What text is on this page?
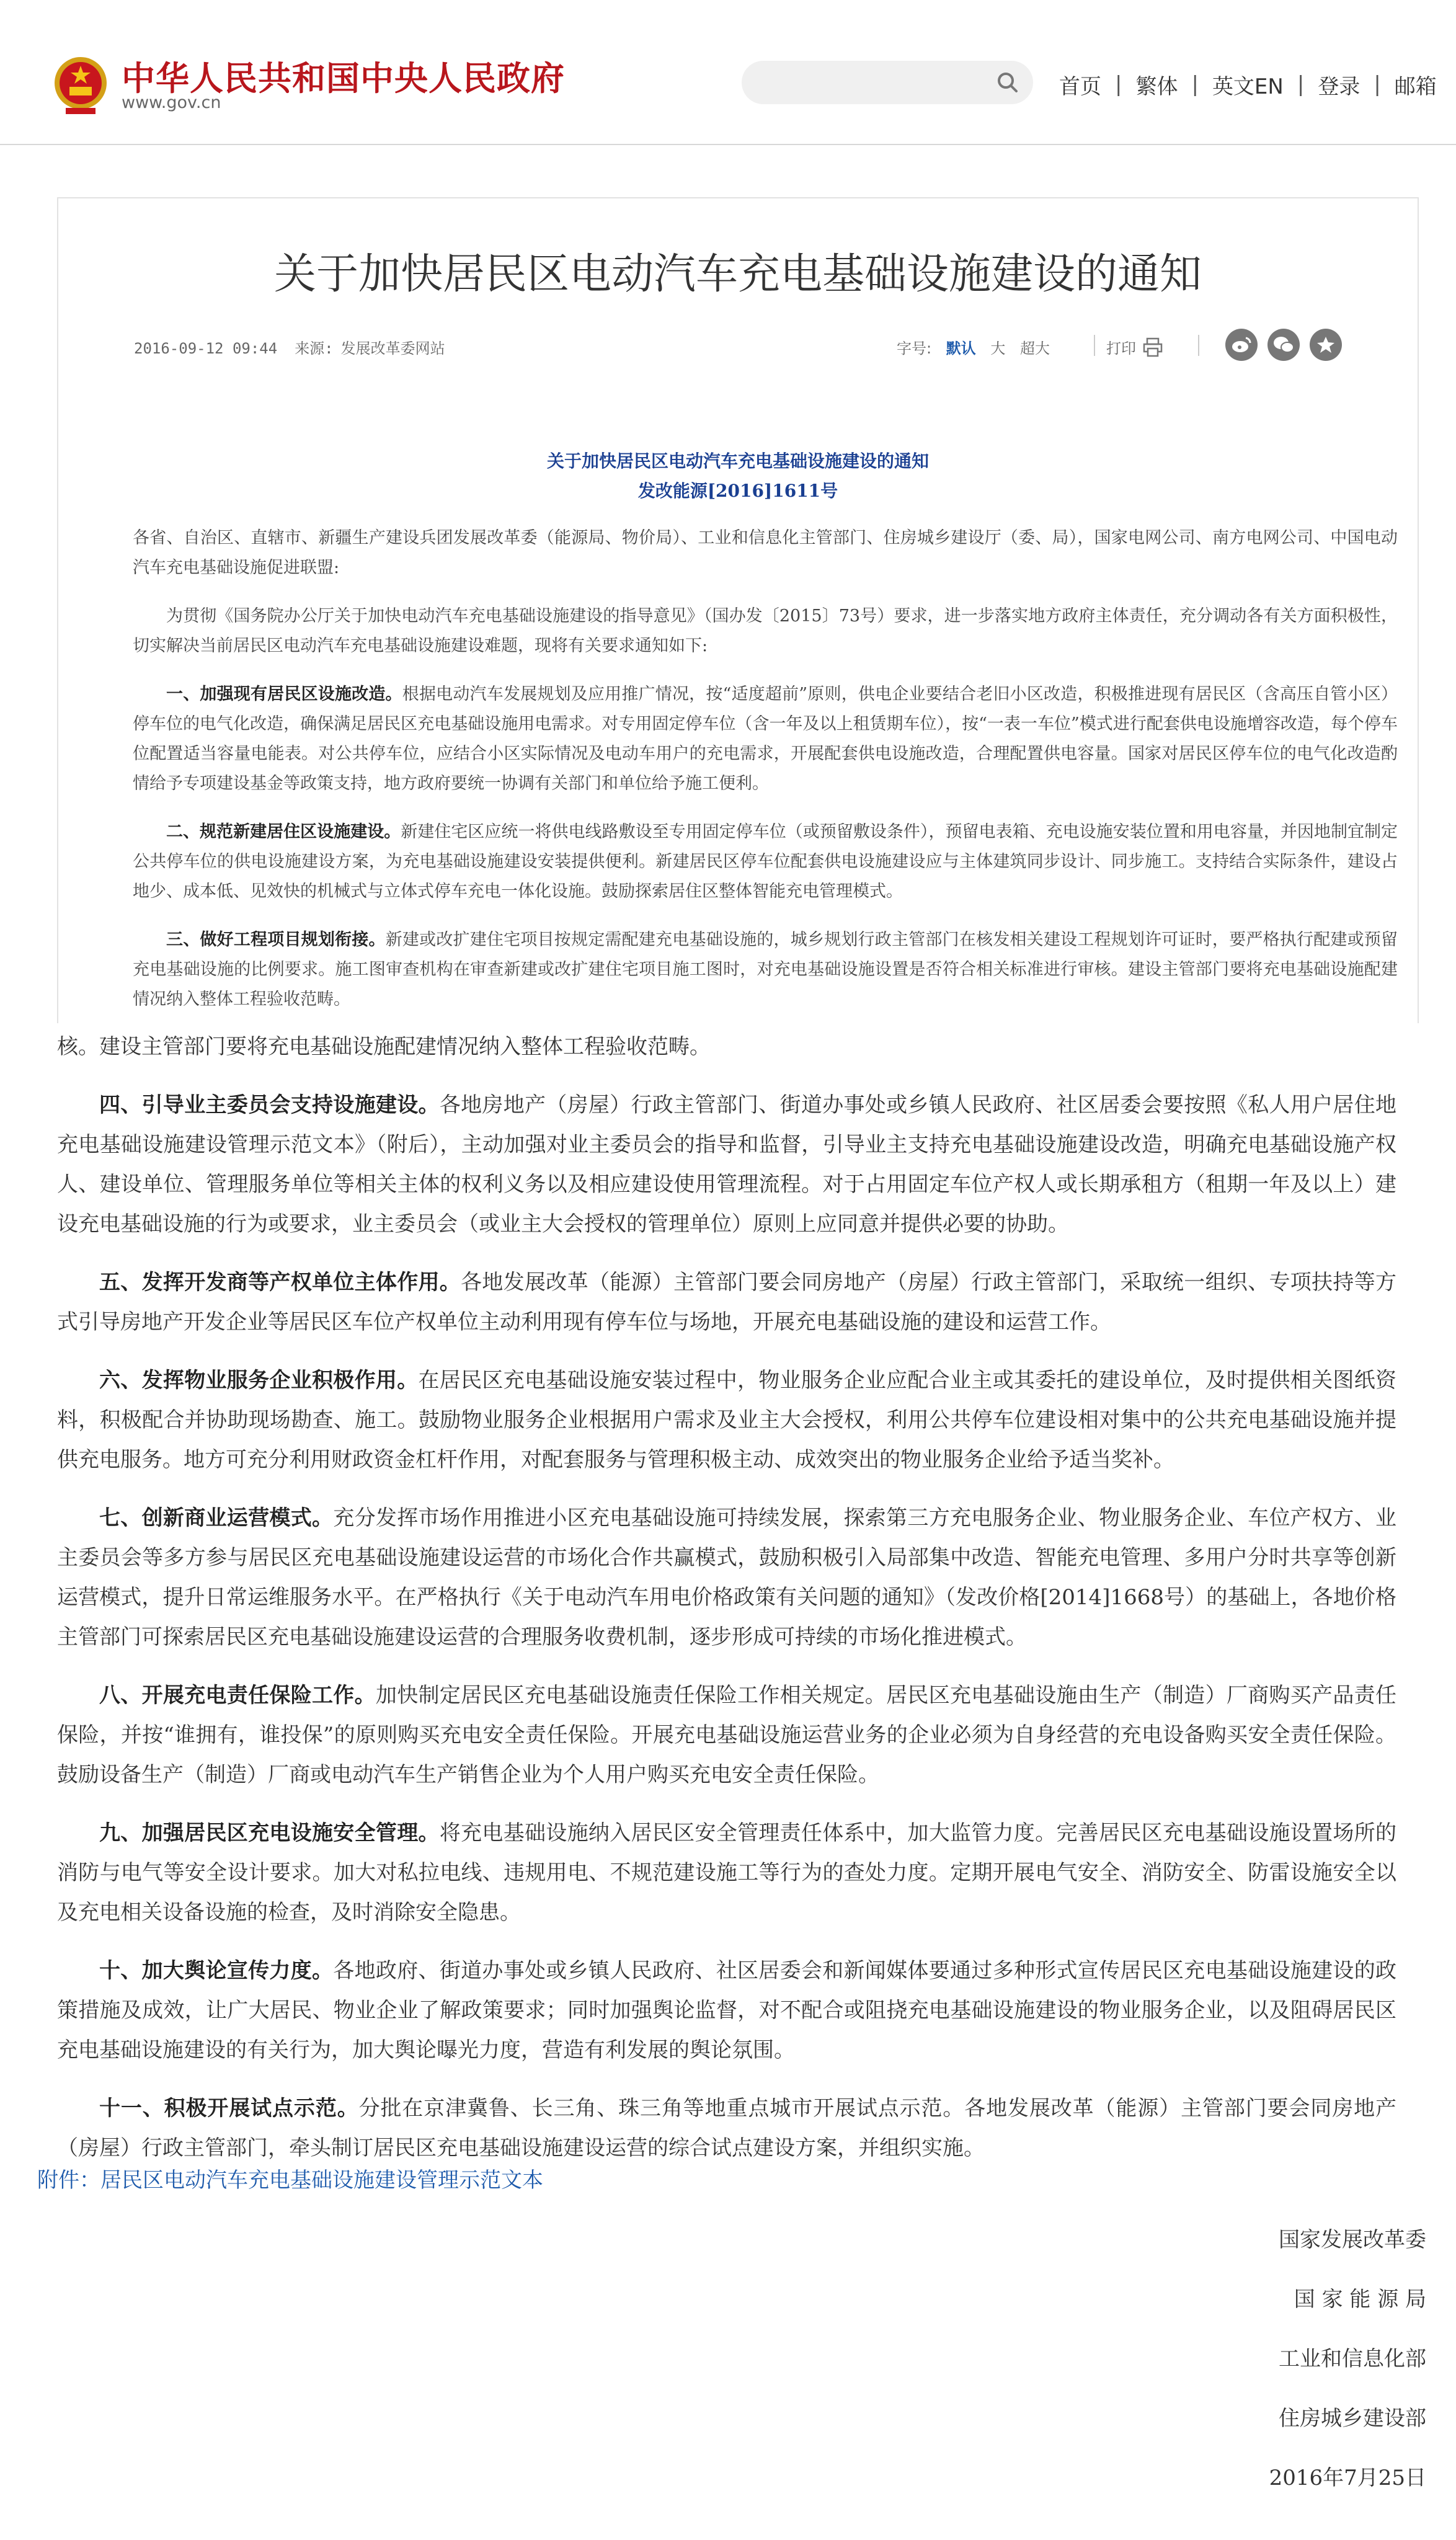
中华人民共和国中央人民政府
www.gov.cn
首页 | 繁体 | 英文EN | 登录 | 邮箱
关于加快居民区电动汽车充电基础设施建设的通知
2016-09-12 09:44 来源: 发展改革委网站	字号: 默认 大 超大	打印
关于加快居民区电动汽车充电基础设施建设的通知
发改能源[2016]1611号

各省、自治区、直辖市、新疆生产建设兵团发展改革委（能源局、物价局）、工业和信息化主管部门、住房城乡建设厅（委、局），国家电网公司、南方电网公司、中国电动汽车充电基础设施促进联盟:

为贯彻《国务院办公厅关于加快电动汽车充电基础设施建设的指导意见》（国办发〔2015〕73号）要求，进一步落实地方政府主体责任，充分调动各有关方面积极性，切实解决当前居民区电动汽车充电基础设施建设难题，现将有关要求通知如下:

一、加强现有居民区设施改造。根据电动汽车发展规划及应用推广情况，按“适度超前”原则，供电企业要结合老旧小区改造，积极推进现有居民区（含高压自管小区）停车位的电气化改造，确保满足居民区充电基础设施用电需求。对专用固定停车位（含一年及以上租赁期车位），按“一表一车位”模式进行配套供电设施增容改造，每个停车位配置适当容量电能表。对公共停车位，应结合小区实际情况及电动车用户的充电需求，开展配套供电设施改造，合理配置供电容量。国家对居民区停车位的电气化改造酌情给予专项建设基金等政策支持，地方政府要统一协调有关部门和单位给予施工便利。

二、规范新建居住区设施建设。新建住宅区应统一将供电线路敷设至专用固定停车位（或预留敷设条件），预留电表箱、充电设施安装位置和用电容量，并因地制宜制定公共停车位的供电设施建设方案，为充电基础设施建设安装提供便利。新建居民区停车位配套供电设施建设应与主体建筑同步设计、同步施工。支持结合实际条件，建设占地少、成本低、见效快的机械式与立体式停车充电一体化设施。鼓励探索居住区整体智能充电管理模式。

三、做好工程项目规划衔接。新建或改扩建住宅项目按规定需配建充电基础设施的，城乡规划行政主管部门在核发相关建设工程规划许可证时，要严格执行配建或预留充电基础设施的比例要求。施工图审查机构在审查新建或改扩建住宅项目施工图时，对充电基础设施设置是否符合相关标准进行审核。建设主管部门要将充电基础设施配建情况纳入整体工程验收范畴。

核。建设主管部门要将充电基础设施配建情况纳入整体工程验收范畴。

四、引导业主委员会支持设施建设。各地房地产（房屋）行政主管部门、街道办事处或乡镇人民政府、社区居委会要按照《私人用户居住地充电基础设施建设管理示范文本》（附后），主动加强对业主委员会的指导和监督，引导业主支持充电基础设施建设改造，明确充电基础设施产权人、建设单位、管理服务单位等相关主体的权利义务以及相应建设使用管理流程。对于占用固定车位产权人或长期承租方（租期一年及以上）建设充电基础设施的行为或要求，业主委员会（或业主大会授权的管理单位）原则上应同意并提供必要的协助。

五、发挥开发商等产权单位主体作用。各地发展改革（能源）主管部门要会同房地产（房屋）行政主管部门，采取统一组织、专项扶持等方式引导房地产开发企业等居民区车位产权单位主动利用现有停车位与场地，开展充电基础设施的建设和运营工作。

六、发挥物业服务企业积极作用。在居民区充电基础设施安装过程中，物业服务企业应配合业主或其委托的建设单位，及时提供相关图纸资料，积极配合并协助现场勘查、施工。鼓励物业服务企业根据用户需求及业主大会授权，利用公共停车位建设相对集中的公共充电基础设施并提供充电服务。地方可充分利用财政资金杠杆作用，对配套服务与管理积极主动、成效突出的物业服务企业给予适当奖补。

七、创新商业运营模式。充分发挥市场作用推进小区充电基础设施可持续发展，探索第三方充电服务企业、物业服务企业、车位产权方、业主委员会等多方参与居民区充电基础设施建设运营的市场化合作共赢模式，鼓励积极引入局部集中改造、智能充电管理、多用户分时共享等创新运营模式，提升日常运维服务水平。在严格执行《关于电动汽车用电价格政策有关问题的通知》（发改价格[2014]1668号）的基础上，各地价格主管部门可探索居民区充电基础设施建设运营的合理服务收费机制，逐步形成可持续的市场化推进模式。

八、开展充电责任保险工作。加快制定居民区充电基础设施责任保险工作相关规定。居民区充电基础设施由生产（制造）厂商购买产品责任保险，并按“谁拥有，谁投保”的原则购买充电安全责任保险。开展充电基础设施运营业务的企业必须为自身经营的充电设备购买安全责任保险。鼓励设备生产（制造）厂商或电动汽车生产销售企业为个人用户购买充电安全责任保险。

九、加强居民区充电设施安全管理。将充电基础设施纳入居民区安全管理责任体系中，加大监管力度。完善居民区充电基础设施设置场所的消防与电气等安全设计要求。加大对私拉电线、违规用电、不规范建设施工等行为的查处力度。定期开展电气安全、消防安全、防雷设施安全以及充电相关设备设施的检查，及时消除安全隐患。

十、加大舆论宣传力度。各地政府、街道办事处或乡镇人民政府、社区居委会和新闻媒体要通过多种形式宣传居民区充电基础设施建设的政策措施及成效，让广大居民、物业企业了解政策要求；同时加强舆论监督，对不配合或阻挠充电基础设施建设的物业服务企业，以及阻碍居民区充电基础设施建设的有关行为，加大舆论曝光力度，营造有利发展的舆论氛围。

十一、积极开展试点示范。分批在京津冀鲁、长三角、珠三角等地重点城市开展试点示范。各地发展改革（能源）主管部门要会同房地产（房屋）行政主管部门，牵头制订居民区充电基础设施建设运营的综合试点建设方案，并组织实施。

附件：居民区电动汽车充电基础设施建设管理示范文本
国家发展改革委
国 家 能 源 局
工业和信息化部
住房城乡建设部
2016年7月25日
